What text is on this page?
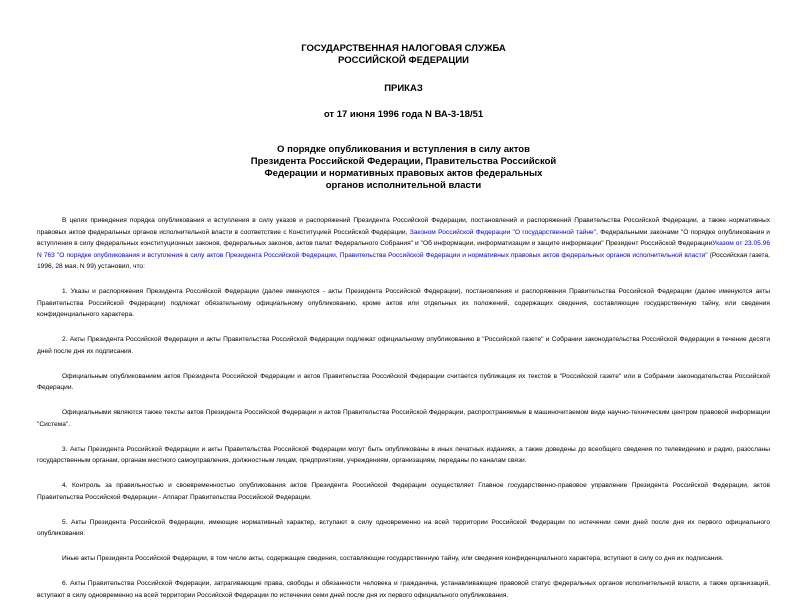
ГОСУДАРСТВЕННАЯ НАЛОГОВАЯ СЛУЖБА
РОССИЙСКОЙ ФЕДЕРАЦИИ
ПРИКАЗ
от 17 июня 1996 года N ВА-3-18/51
О порядке опубликования и вступления в силу актов
Президента Российской Федерации, Правительства Российской
Федерации и нормативных правовых актов федеральных
органов исполнительной власти

В целях приведения порядка опубликования и вступления в силу указов и распоряжений Президента Российской Федерации, постановлений и распоряжений Правительства Российской Федерации, а также нормативных правовых актов федеральных органов исполнительной власти в соответствие с Конституцией Российской Федерации, Законом Российской Федерации "О государственной тайне", Федеральными законами "О порядке опубликования и вступления в силу федеральных конституционных законов, федеральных законов, актов палат Федерального Собрания" и "Об информации, информатизации и защите информации" Президент Российской ФедерацииУказом от 23.05.96 N 763 "О порядке опубликования и вступления в силу актов Президента Российской Федерации, Правительства Российской Федерации и нормативных правовых актов федеральных органов исполнительной власти" (Российская газета, 1996, 28 мая, N 99) установил, что:

1. Указы и распоряжения Президента Российской Федерации (далее именуются - акты Президента Российской Федерации), постановления и распоряжения Правительства Российской Федерации (далее именуются акты Правительства Российской Федерации) подлежат обязательному официальному опубликованию, кроме актов или отдельных их положений, содержащих сведения, составляющие государственную тайну, или сведения конфиденциального характера.

2. Акты Президента Российской Федерации и акты Правительства Российской Федерации подлежат официальному опубликованию в "Российской газете" и Собрании законодательства Российской Федерации в течение десяти дней после дня их подписания.

Официальным опубликованием актов Президента Российской Федерации и актов Правительства Российской Федерации считается публикация их текстов в "Российской газете" или в Собрании законодательства Российской Федерации.

Официальными являются также тексты актов Президента Российской Федерации и актов Правительства Российской Федерации, распространяемые в машиночитаемом виде научно-техническим центром правовой информации "Система".

3. Акты Президента Российской Федерации и акты Правительства Российской Федерации могут быть опубликованы в иных печатных изданиях, а также доведены до всеобщего сведения по телевидению и радио, разосланы государственным органам, органам местного самоуправления, должностным лицам, предприятиям, учреждениям, организациям, переданы по каналам связи.

4. Контроль за правильностью и своевременностью опубликования актов Президента Российской Федерации осуществляет Главное государственно-правовое управление Президента Российской Федерации, актов Правительства Российской Федерации - Аппарат Правительства Российской Федерации.

5. Акты Президента Российской Федерации, имеющие нормативный характер, вступают в силу одновременно на всей территории Российской Федерации по истечении семи дней после дня их первого официального опубликования.

Иные акты Президента Российской Федерации, в том числе акты, содержащие сведения, составляющие государственную тайну, или сведения конфиденциального характера, вступают в силу со дня их подписания.

6. Акты Правительства Российской Федерации, затрагивающие права, свободы и обязанности человека и гражданина, устанавливающие правовой статус федеральных органов исполнительной власти, а также организаций, вступают в силу одновременно на всей территории Российской Федерации по истечении семи дней после дня их первого официального опубликования.
